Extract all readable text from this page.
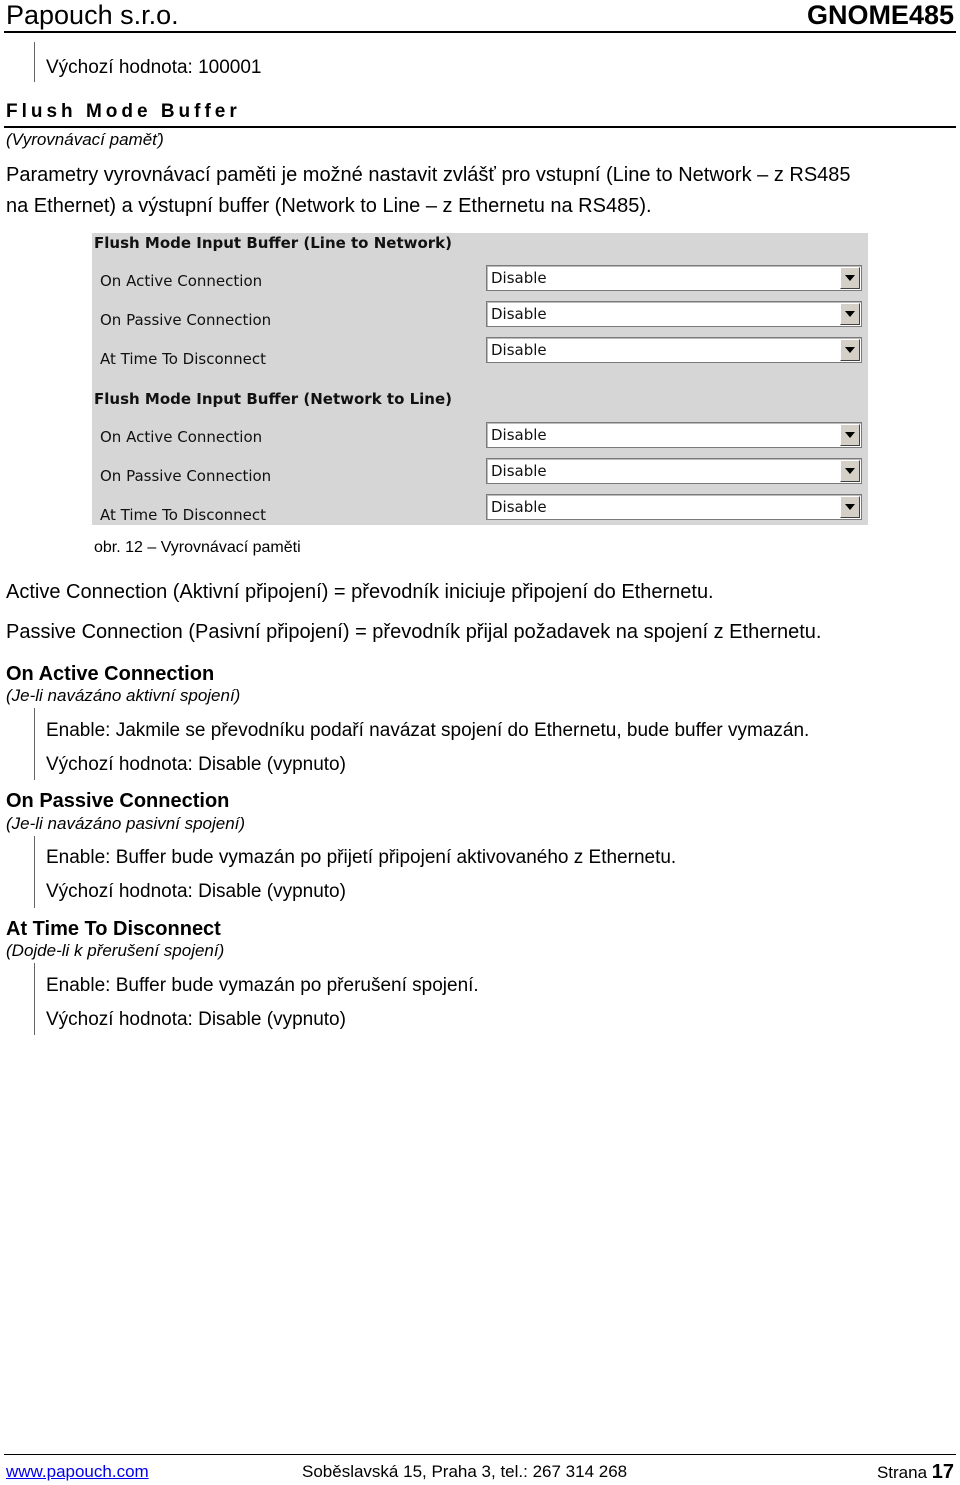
Papouch s.r.o.	GNOME485
Výchozí hodnota: 100001
Flush Mode Buffer
(Vyrovnávací paměť)
Parametry vyrovnávací paměti je možné nastavit zvlášť pro vstupní (Line to Network – z RS485
na Ethernet) a výstupní buffer (Network to Line – z Ethernetu na RS485).
Flush Mode Input Buffer (Line to Network)
On Active Connection	Disable
On Passive Connection	Disable
At Time To Disconnect	Disable
Flush Mode Input Buffer (Network to Line)
On Active Connection	Disable
On Passive Connection	Disable
At Time To Disconnect	Disable
obr. 12 – Vyrovnávací paměti
Active Connection (Aktivní připojení) = převodník iniciuje připojení do Ethernetu.
Passive Connection (Pasivní připojení) = převodník přijal požadavek na spojení z Ethernetu.
On Active Connection
(Je-li navázáno aktivní spojení)
Enable: Jakmile se převodníku podaří navázat spojení do Ethernetu, bude buffer vymazán.
Výchozí hodnota: Disable (vypnuto)
On Passive Connection
(Je-li navázáno pasivní spojení)
Enable: Buffer bude vymazán po přijetí připojení aktivovaného z Ethernetu.
Výchozí hodnota: Disable (vypnuto)
At Time To Disconnect
(Dojde-li k přerušení spojení)
Enable: Buffer bude vymazán po přerušení spojení.
Výchozí hodnota: Disable (vypnuto)
www.papouch.com	Soběslavská 15, Praha 3, tel.: 267 314 268	Strana 17
